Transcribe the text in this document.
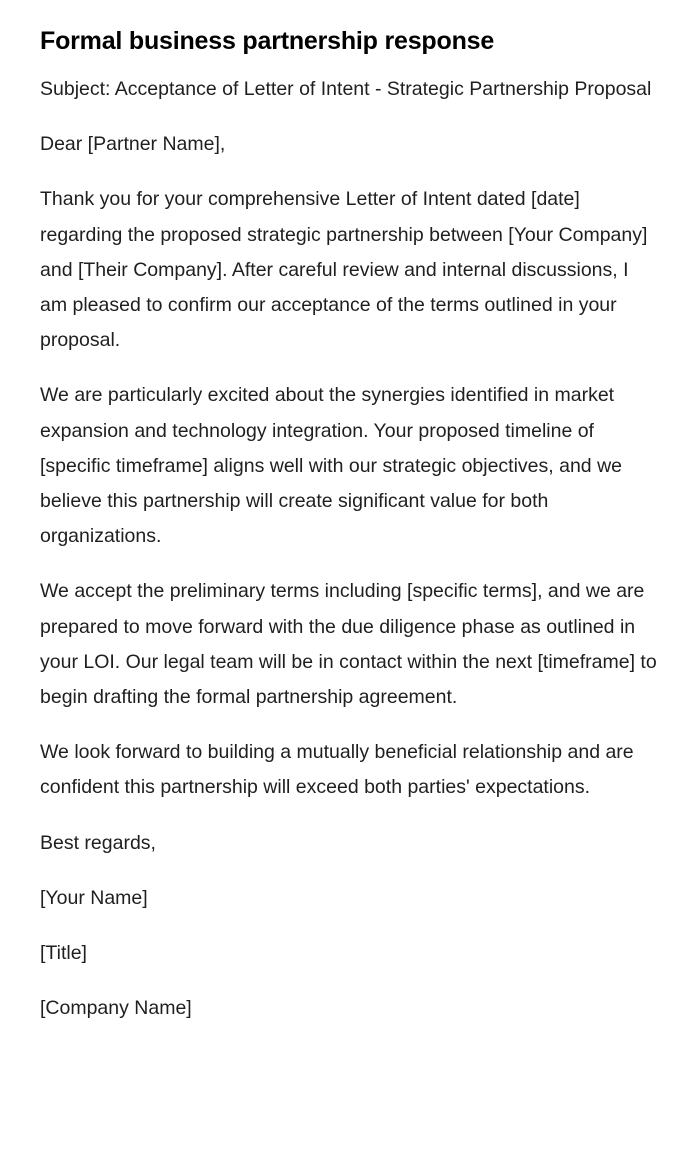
Formal business partnership response

Subject: Acceptance of Letter of Intent - Strategic Partnership Proposal

Dear [Partner Name],

Thank you for your comprehensive Letter of Intent dated [date] regarding the proposed strategic partnership between [Your Company] and [Their Company]. After careful review and internal discussions, I am pleased to confirm our acceptance of the terms outlined in your proposal.

We are particularly excited about the synergies identified in market expansion and technology integration. Your proposed timeline of [specific timeframe] aligns well with our strategic objectives, and we believe this partnership will create significant value for both organizations.

We accept the preliminary terms including [specific terms], and we are prepared to move forward with the due diligence phase as outlined in your LOI. Our legal team will be in contact within the next [timeframe] to begin drafting the formal partnership agreement.

We look forward to building a mutually beneficial relationship and are confident this partnership will exceed both parties' expectations.

Best regards,

[Your Name]

[Title]

[Company Name]
